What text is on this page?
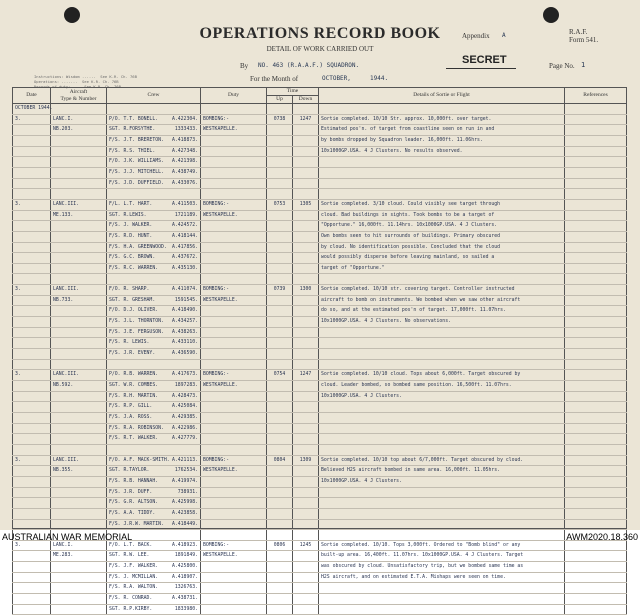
OPERATIONS RECORD BOOK
DETAIL OF WORK CARRIED OUT
Appendix A	R.A.F.
Form 541.
By NO. 463 (R.A.A.F.) SQUADRON.
For the Month of	OCTOBER,	1944.
SECRET	Page No. 1
Instructions: Wisdom ......  See K.R. Ch. 76B
Operations: .......  See K.R. Ch. 76B
Records of duty: ...  See K.R. Ch. 76B
Date	Aircraft
Type & Number	Crew	Duty	Time		Details of Sortie or Flight	References
				Up	Down		

OCTOBER 1944.							

3.	LANC.I.	P/O. T.T. BONELL. A.422304.	BOMBING:-	0738	1247	Sortie completed. 10/10 Str. approx. 10,000ft. over target.	

	NB.203.	SGT. R.FORSYTHE. 1333433.	WESTKAPELLE.			Estimated pos'n. of target from coastline seen on run in and	

		F/S. J.T. BRERETON. A.418873.				by bombs dropped by Squadron leader. 16,000ft. 11.06hrs.	

		F/S. R.S. THIEL. A.427348.				10x1000GP.USA. 4 J Clusters. No results observed.	

		F/O. J.K. WILLIAMS. A.421398.					

		F/S. J.J. MITCHELL. A.438749.					

		F/S. J.D. DUFFIELD. A.433076.					

3.	LANC.III.	F/L. L.T. HART. A.411503.	BOMBING:-	0753	1305	Sortie completed. 3/10 cloud. Could visibly see target through	

	ME.133.	SGT. R.LEWIS. 1721189.	WESTKAPELLE.			cloud. Bad buildings in sights. Took bombs to be a target of	

		F/S. J. WALKER. A.424572.				"Opportune." 16,000ft. 11.14hrs. 10x1000GP.USA. 4 J Clusters.	

		F/S. R.D. HUNT. A.418144.				Own bombs seen to hit surrounds of buildings. Primary obscured	

		F/S. H.A. GREENWOOD. A.417856.				by cloud. No identification possible. Concluded that the cloud	

		F/S. G.C. BROWN. A.437672.				would possibly disperse before leaving mainland, so sailed a	

		F/S. R.C. WARREN. A.435130.				target of "Opportune."	

3.	LANC.III.	F/O. R. SHARP. A.411074.	BOMBING:-	0739	1300	Sortie completed. 10/10 str. covering target. Controller instructed	

	NB.733.	SGT. R. GRESHAM. 1591545.	WESTKAPELLE.			aircraft to bomb on instruments. We bombed when we saw other aircraft	

		F/O. D.J. OLIVER. A.418490.				do so, and at the estimated pos'n of target. 17,000ft. 11.07hrs.	

		F/S. J.L. THORNTON. A.434257.				10x1000GP.USA. 4 J Clusters. No observations.	

		F/S. J.E. FERGUSON. A.438263.					

		F/S. R. LEWIS. A.433110.					

		F/S. J.R. EVENY. A.436590.					

3.	LANC.III.	P/O. R.B. WARREN. A.417673.	BOMBING:-	0754	1247	Sortie completed. 10/10 cloud. Tops about 6,000ft. Target obscured by	

	NB.592.	SGT. W.R. COMBES. 1897283.	WESTKAPELLE.			cloud. Leader bombed, so bombed same position. 16,500ft. 11.07hrs.	

		F/S. R.H. MARTIN. A.428473.				10x1000GP.USA. 4 J Clusters.	

		F/S. R.P. GILL. A.425084.					

		F/S. J.A. ROSS. A.429385.					

		F/S. R.A. ROBINSON. A.422986.					

		F/S. R.T. WALKER. A.427779.					

3.	LANC.III.	F/O. A.F. MACK-SMITH. A.421113.	BOMBING:-	0804	1309	Sortie completed. 10/10 top about 6/7,000ft. Target obscured by cloud.	

	NB.355.	SGT. R.TAYLOR. 1762534.	WESTKAPELLE.			Believed H2S aircraft bombed in same area. 16,000ft. 11.05hrs.	

		F/S. R.B. HANNAH. A.419974.				10x1000GP.USA. 4 J Clusters.	

		F/S. J.R. DUFF. 738931.					

		F/S. G.R. ALTSON. A.425998.					

		F/S. A.A. TIDDY. A.423858.					

		F/S. J.R.W. MARTIN. A.418449.					

3.	LANC.I.	F/O. L.T. BACK. A.418923.	BOMBING:-	0806	1245	Sortie completed. 10/10. Tops 3,000ft. Ordered to "Bomb blind" or any	

	ME.283.	SGT. R.W. LEE. 1891849.	WESTKAPELLE.			built-up area. 16,400ft. 11.07hrs. 10x1000GP.USA. 4 J Clusters. Target	

		F/S. J.F. WALKER. A.425800.				was obscured by cloud. Unsatisfactory trip, but we bombed same time as	

		F/S. J. MCMILLAN. A.418907.				H2S aircraft, and on estimated E.T.A. Mishaps were seen on time.	

		F/S. R.A. WALTON. 1326763.					

		F/S. R. CONRAD. A.438731.					

		SGT. R.P.KIRBY. 1833980.					

AUSTRALIAN WAR MEMORIAL	AWM2020.18.360
